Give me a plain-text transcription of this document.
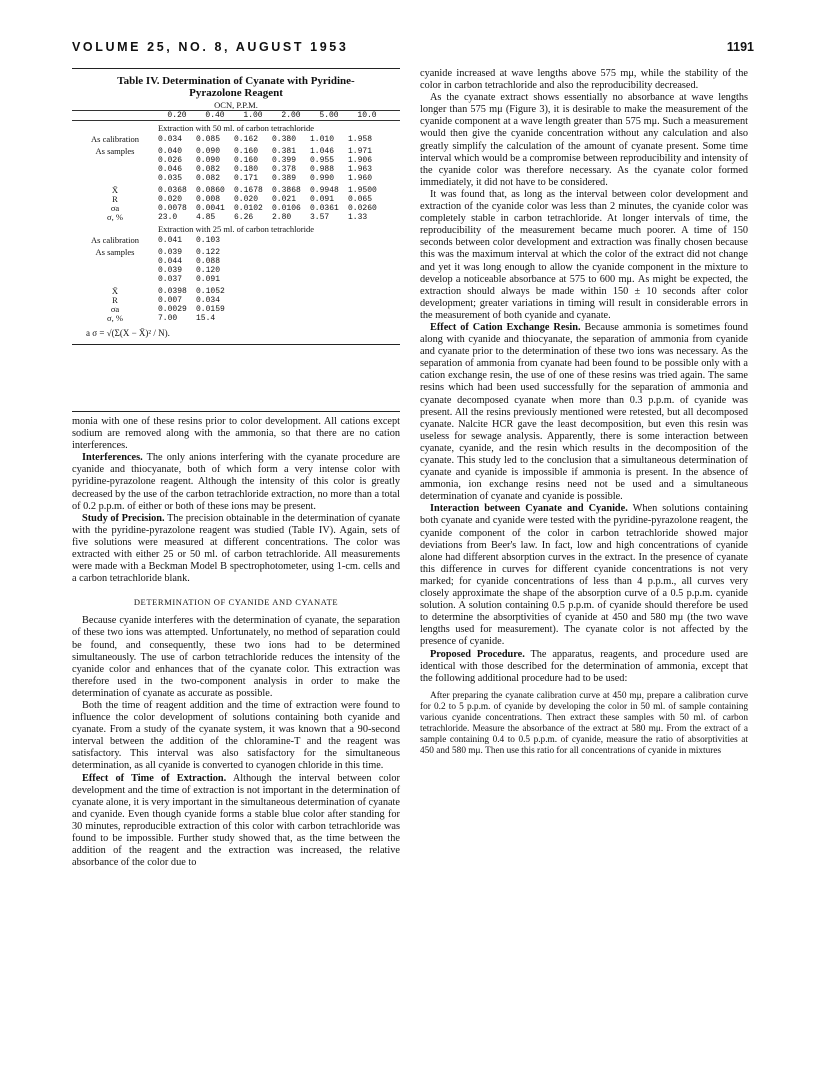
VOLUME 25, NO. 8, AUGUST 1953	1191
Table IV. Determination of Cyanate with Pyridine-
Pyrazolone Reagent
OCN, P.P.M.
0.20	0.40	1.00	2.00	5.00	10.0
Extraction with 50 ml. of carbon tetrachloride
As calibration	0.034	0.085	0.162	0.380	1.010	1.958
As samples	0.040	0.090	0.160	0.381	1.046	1.971
0.026	0.090	0.160	0.399	0.955	1.906
0.046	0.082	0.180	0.378	0.988	1.963
0.035	0.082	0.171	0.389	0.990	1.960
X̄	0.0368	0.0860	0.1678	0.3868	0.9948	1.9500
R	0.020	0.008	0.020	0.021	0.091	0.065
σa	0.0078	0.0041	0.0102	0.0106	0.0361	0.0260
σ, %	23.0	4.85	6.26	2.80	3.57	1.33
Extraction with 25 ml. of carbon tetrachloride
As calibration	0.041	0.103
As samples	0.039	0.122
0.044	0.088
0.039	0.120
0.037	0.091
X̄	0.0398	0.1052
R	0.007	0.034
σa	0.0029	0.0159
σ, %	7.00	15.4
a σ = √(Σ(X − X̄)² / N).

monia with one of these resins prior to color development. All cations except sodium are removed along with the ammonia, so that there are no cation interferences.

Interferences. The only anions interfering with the cyanate procedure are cyanide and thiocyanate, both of which form a very intense color with pyridine-pyrazolone reagent. Although the intensity of this color is greatly decreased by the use of the carbon tetrachloride extraction, no more than a total of 0.2 p.p.m. of either or both of these ions may be present.

Study of Precision. The precision obtainable in the determination of cyanate with the pyridine-pyrazolone reagent was studied (Table IV). Again, sets of five solutions were measured at different concentrations. The color was extracted with either 25 or 50 ml. of carbon tetrachloride. All measurements were made with a Beckman Model B spectrophotometer, using 1-cm. cells and a carbon tetrachloride blank.

DETERMINATION OF CYANIDE AND CYANATE

Because cyanide interferes with the determination of cyanate, the separation of these two ions was attempted. Unfortunately, no method of separation could be found, and consequently, these two ions had to be determined simultaneously. The use of carbon tetrachloride reduces the intensity of the cyanide color and enhances that of the cyanate color. This extraction was therefore used in the two-component analysis in order to make the determination of cyanate as accurate as possible.

Both the time of reagent addition and the time of extraction were found to influence the color development of solutions containing both cyanide and cyanate. From a study of the cyanate system, it was known that a 90-second interval between the addition of the chloramine-T and the reagent was satisfactory. This interval was also satisfactory for the simultaneous determination, as all cyanide is converted to cyanogen chloride in this time.

Effect of Time of Extraction. Although the interval between color development and the time of extraction is not important in the determination of cyanate alone, it is very important in the simultaneous determination of cyanate and cyanide. Even though cyanide forms a stable blue color after standing for 30 minutes, reproducible extraction of this color with carbon tetrachloride was found to be impossible. Further study showed that, as the time between the addition of the reagent and the extraction was increased, the relative absorbance of the color due to

cyanide increased at wave lengths above 575 mμ, while the stability of the color in carbon tetrachloride and also the reproducibility decreased.

As the cyanate extract shows essentially no absorbance at wave lengths longer than 575 mμ (Figure 3), it is desirable to make the measurement of the cyanide component at a wave length greater than 575 mμ. Such a measurement would then give the cyanide concentration without any calculation and also greatly simplify the calculation of the amount of cyanate present. Some time interval which would be a compromise between reproducibility and intensity of the cyanide color was therefore necessary. As the cyanate color formed immediately, it did not have to be considered.

It was found that, as long as the interval between color development and extraction of the cyanide color was less than 2 minutes, the cyanide color was completely stable in carbon tetrachloride. At longer intervals of time, the reproducibility of the measurement became much poorer. A time of 150 seconds between color development and extraction was finally chosen because this was the maximum interval at which the color of the extract did not change and yet it was long enough to allow the cyanide component in the mixture to develop a noticeable absorbance at 575 to 600 mμ. As might be expected, the extraction should always be made within 150 ± 10 seconds after color development; greater variations in timing will result in considerable errors in the measurement of both cyanide and cyanate.

Effect of Cation Exchange Resin. Because ammonia is sometimes found along with cyanide and thiocyanate, the separation of ammonia from cyanide and cyanate prior to the determination of these two ions was necessary. As the separation of ammonia from cyanate had been found to be possible only with a cation exchange resin, the use of one of these resins was tried again. The same resins which had been used successfully for the separation of ammonia and cyanate decomposed cyanate when more than 0.3 p.p.m. of cyanide was present. All the resins previously mentioned were retested, but all decomposed cyanate. Nalcite HCR gave the least decomposition, but even this resin was useless for sewage analysis. Apparently, there is some interaction between cyanate, cyanide, and the resin which results in the decomposition of the cyanate. This study led to the conclusion that a simultaneous determination of cyanate and cyanide is impossible if ammonia is present. In the absence of ammonia, ion exchange resins need not be used and a simultaneous determination of cyanate and cyanide is possible.

Interaction between Cyanate and Cyanide. When solutions containing both cyanate and cyanide were tested with the pyridine-pyrazolone reagent, the cyanide component of the color in carbon tetrachloride showed major deviations from Beer's law. In fact, low and high concentrations of cyanide alone had different absorption curves in the extract. In the presence of cyanate this difference in curves for different cyanide concentrations is not very marked; for cyanide concentrations of less than 4 p.p.m., all curves very closely approximate the shape of the absorption curve of a 0.5 p.p.m. cyanide solution. A solution containing 0.5 p.p.m. of cyanide should therefore be used to determine the absorptivities of cyanide at 450 and 580 mμ (the two wave lengths used for measurement). The cyanate color is not affected by the presence of cyanide.

Proposed Procedure. The apparatus, reagents, and procedure used are identical with those described for the determination of ammonia, except that the following additional procedure had to be used:

After preparing the cyanate calibration curve at 450 mμ, prepare a calibration curve for 0.2 to 5 p.p.m. of cyanide by developing the color in 50 ml. of sample containing various cyanide concentrations. Then extract these samples with 50 ml. of carbon tetrachloride. Measure the absorbance of the extract at 580 mμ. From the extract of a sample containing 0.4 to 0.5 p.p.m. of cyanide, measure the ratio of absorptivities at 450 and 580 mμ. Then use this ratio for all concentrations of cyanide in mixtures
